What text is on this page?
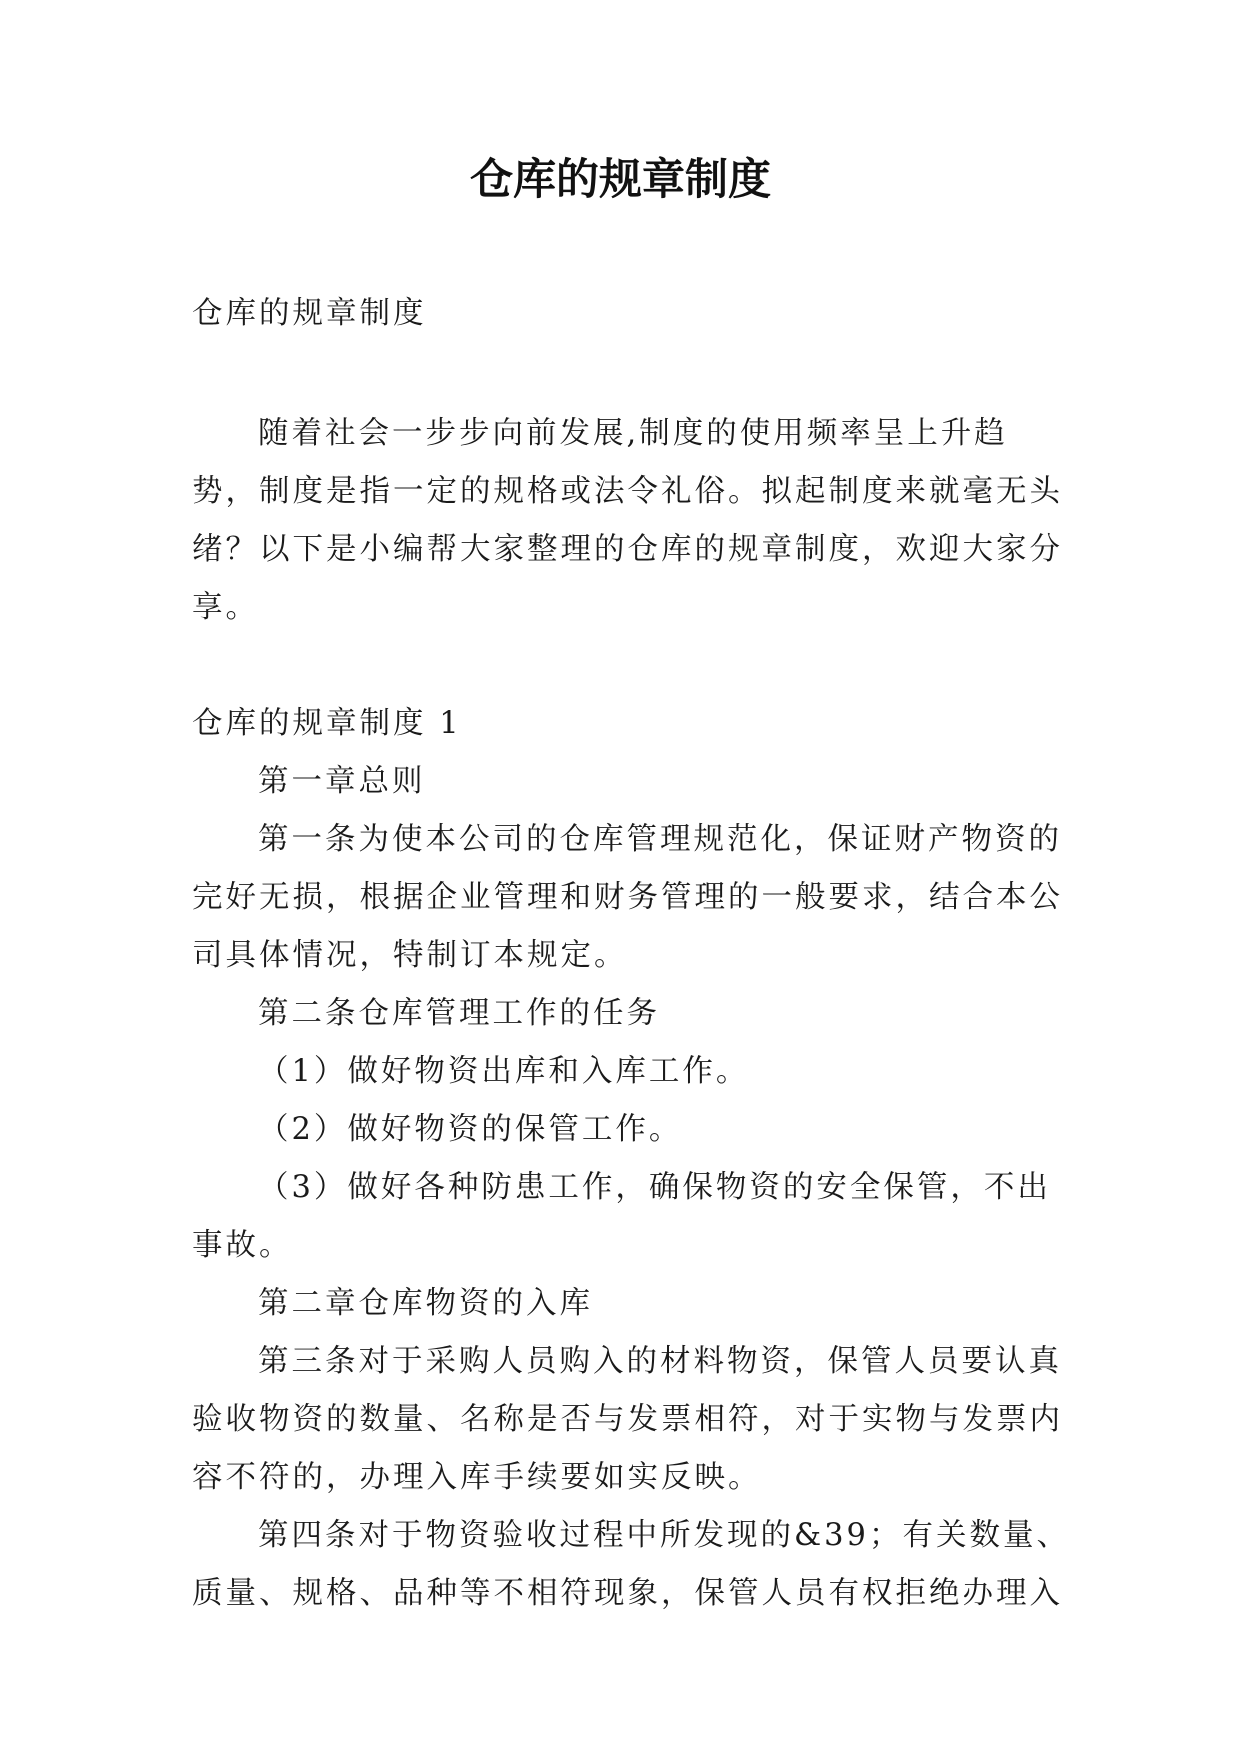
仓库的规章制度

仓库的规章制度

随着社会一步步向前发展,制度的使用频率呈上升趋势，制度是指一定的规格或法令礼俗。拟起制度来就毫无头绪？以下是小编帮大家整理的仓库的规章制度，欢迎大家分享。

仓库的规章制度 1

第一章总则

第一条为使本公司的仓库管理规范化，保证财产物资的完好无损，根据企业管理和财务管理的一般要求，结合本公司具体情况，特制订本规定。

第二条仓库管理工作的任务

（1）做好物资出库和入库工作。

（2）做好物资的保管工作。

（3）做好各种防患工作，确保物资的安全保管，不出事故。

第二章仓库物资的入库

第三条对于采购人员购入的材料物资，保管人员要认真验收物资的数量、名称是否与发票相符，对于实物与发票内容不符的，办理入库手续要如实反映。

第四条对于物资验收过程中所发现的&39；有关数量、质量、规格、品种等不相符现象，保管人员有权拒绝办理入
